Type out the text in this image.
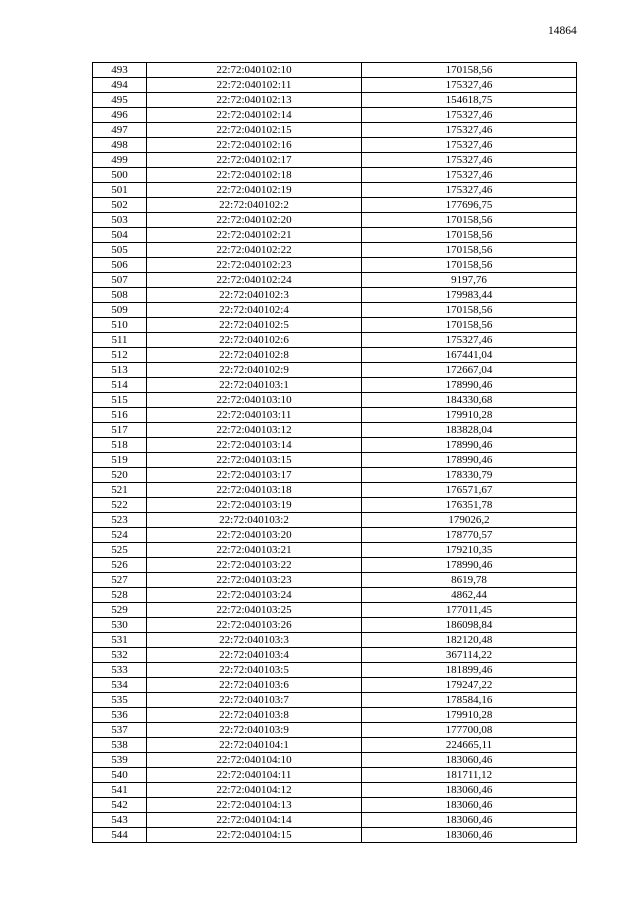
14864
493	22:72:040102:10	170158,56
494	22:72:040102:11	175327,46
495	22:72:040102:13	154618,75
496	22:72:040102:14	175327,46
497	22:72:040102:15	175327,46
498	22:72:040102:16	175327,46
499	22:72:040102:17	175327,46
500	22:72:040102:18	175327,46
501	22:72:040102:19	175327,46
502	22:72:040102:2	177696,75
503	22:72:040102:20	170158,56
504	22:72:040102:21	170158,56
505	22:72:040102:22	170158,56
506	22:72:040102:23	170158,56
507	22:72:040102:24	9197,76
508	22:72:040102:3	179983,44
509	22:72:040102:4	170158,56
510	22:72:040102:5	170158,56
511	22:72:040102:6	175327,46
512	22:72:040102:8	167441,04
513	22:72:040102:9	172667,04
514	22:72:040103:1	178990,46
515	22:72:040103:10	184330,68
516	22:72:040103:11	179910,28
517	22:72:040103:12	183828,04
518	22:72:040103:14	178990,46
519	22:72:040103:15	178990,46
520	22:72:040103:17	178330,79
521	22:72:040103:18	176571,67
522	22:72:040103:19	176351,78
523	22:72:040103:2	179026,2
524	22:72:040103:20	178770,57
525	22:72:040103:21	179210,35
526	22:72:040103:22	178990,46
527	22:72:040103:23	8619,78
528	22:72:040103:24	4862,44
529	22:72:040103:25	177011,45
530	22:72:040103:26	186098,84
531	22:72:040103:3	182120,48
532	22:72:040103:4	367114,22
533	22:72:040103:5	181899,46
534	22:72:040103:6	179247,22
535	22:72:040103:7	178584,16
536	22:72:040103:8	179910,28
537	22:72:040103:9	177700,08
538	22:72:040104:1	224665,11
539	22:72:040104:10	183060,46
540	22:72:040104:11	181711,12
541	22:72:040104:12	183060,46
542	22:72:040104:13	183060,46
543	22:72:040104:14	183060,46
544	22:72:040104:15	183060,46
